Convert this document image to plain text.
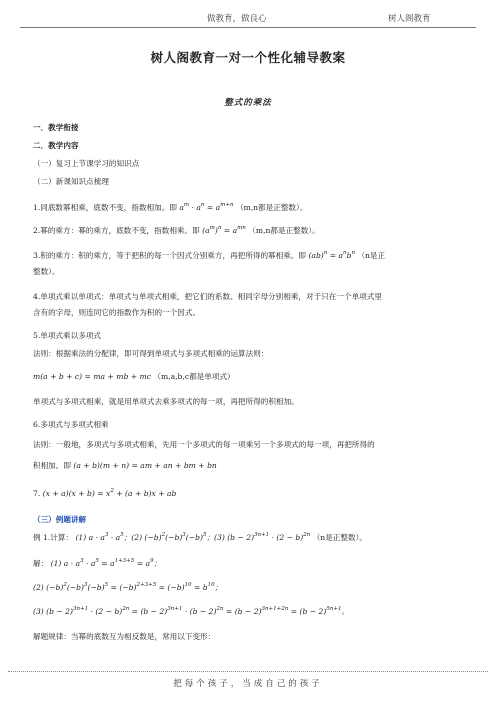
做教育，做良心	树人阁教育
树人阁教育一对一个性化辅导教案
整式的乘法
一．教学衔接
二．教学内容
（一）复习上节课学习的知识点
（二）新课知识点梳理
1.同底数幂相乘，底数不变，指数相加。即 $a^m \cdot a^n = a^{m+n}$ （m,n都是正整数）。
2.幂的乘方：幂的乘方，底数不变，指数相乘。即 $(a^m)^n = a^{mn}$ （m,n都是正整数）。
3.积的乘方：积的乘方，等于把积的每一个因式分别乘方，再把所得的幂相乘。即 $(ab)^n = a^nb^n$ （n是正
整数）。
4.单项式乘以单项式：单项式与单项式相乘，把它们的系数、相同字母分别相乘，对于只在一个单项式里
含有的字母，则连同它的指数作为积的一个因式。
5.单项式乘以多项式
法则：根据乘法的分配律，即可得到单项式与多项式相乘的运算法则：
m(a + b + c) = ma + mb + mc （m,a,b,c都是单项式）
单项式与多项式相乘，就是用单项式去乘多项式的每一项，再把所得的积相加。
6.多项式与多项式相乘
法则：一般地，多项式与多项式相乘，先用一个多项式的每一项乘另一个多项式的每一项，再把所得的
积相加。即 (a + b)(m + n) = am + an + bm + bn
7. $(x + a)(x + b) = x^2 + (a + b)x$ + ab
（三）例题讲解
例 1.计算： (1) $a \cdot a^3 \cdot a^5$；(2) $(-b)^2(-b)^3(-b)^5$；(3) $(b - 2)^{3n+1} \cdot (2 - b)^{2n}$ （n是正整数）。
解： (1) $a \cdot a^3 \cdot a^5 = a^{1+3+5} = a^9$；
(2) $(-b)^2(-b)^3(-b)^5 = (-b)^{2+3+5} = (-b)^{10} = b^{10}$；
(3) $(b - 2)^{3n+1} \cdot (2 - b)^{2n} = (b - 2)^{3n+1} \cdot (b - 2)^{2n} = (b - 2)^{3n+1+2n} = (b - 2)^{5n+1}$。
解题规律：当幂的底数互为相反数是，常用以下变形：
把每个孩子，当成自己的孩子
